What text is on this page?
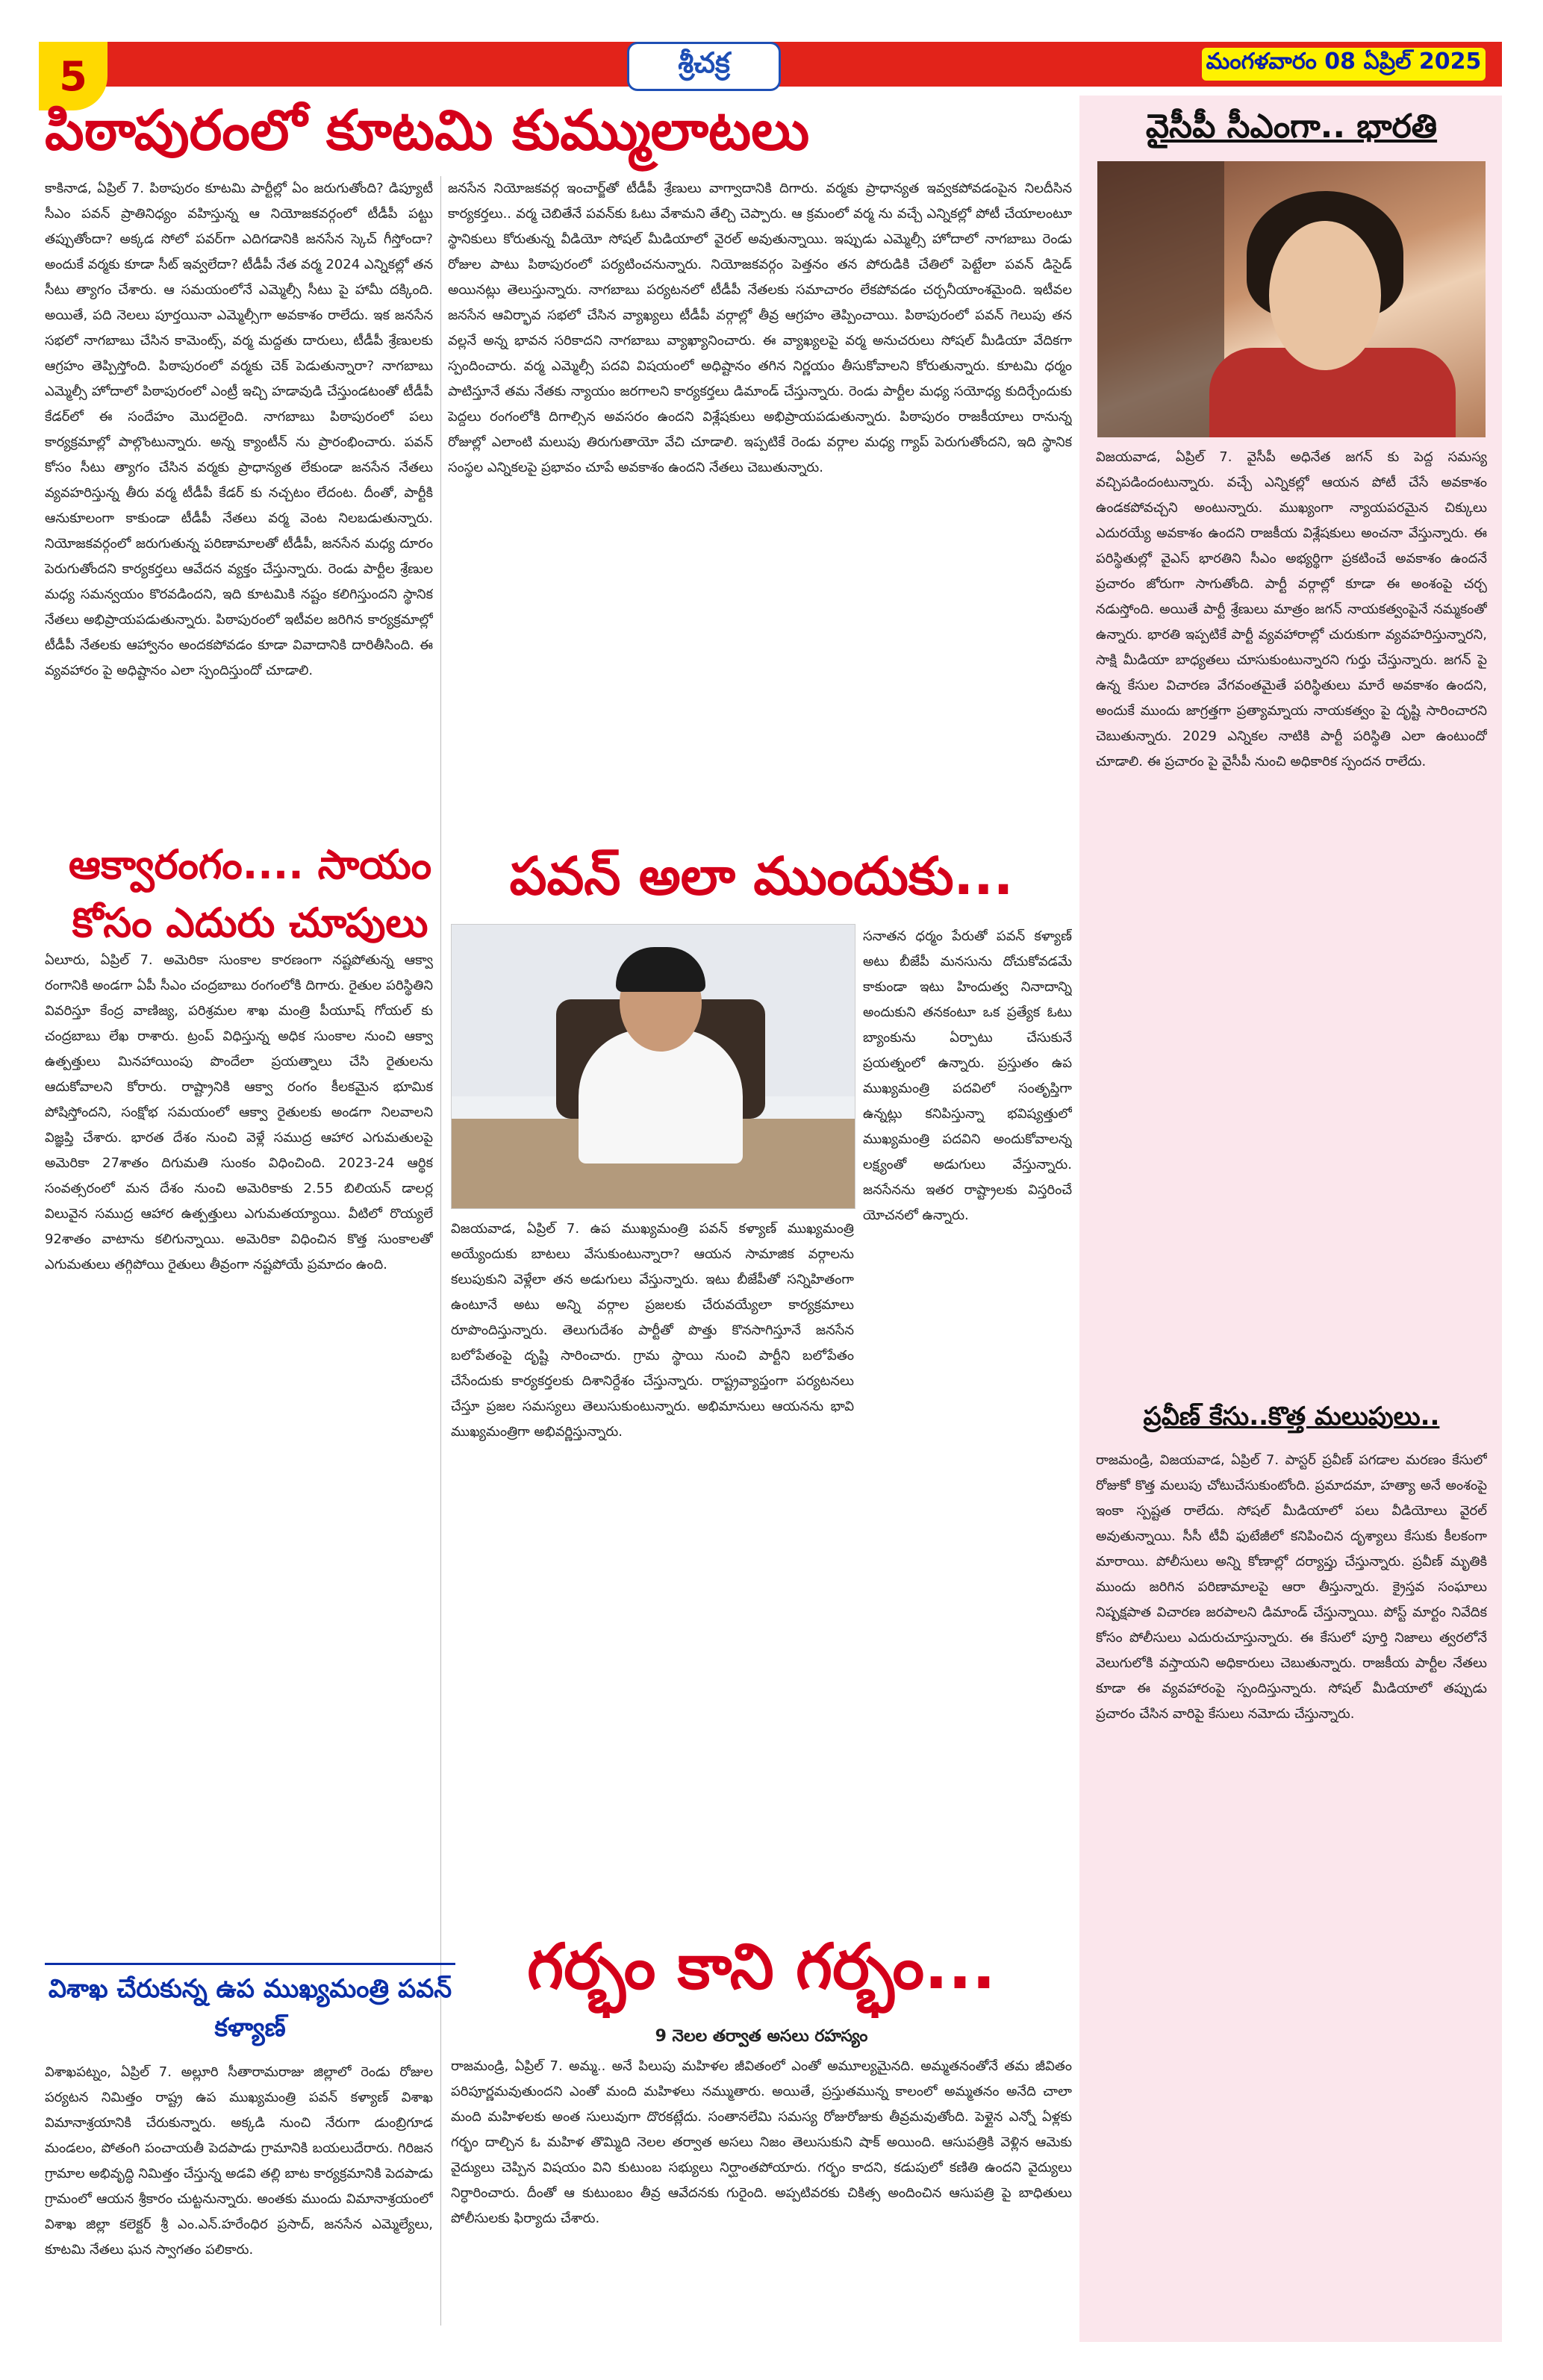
5	శ్రీచక్ర	మంగళవారం 08 ఏప్రిల్ 2025
వైసీపీ సీఎంగా.. భారతి

విజయవాడ, ఏప్రిల్ 7. వైసీపీ అధినేత జగన్ కు పెద్ద సమస్య వచ్చిపడిందంటున్నారు. వచ్చే ఎన్నికల్లో ఆయన పోటీ చేసే అవకాశం ఉండకపోవచ్చని అంటున్నారు. ముఖ్యంగా న్యాయపరమైన చిక్కులు ఎదురయ్యే అవకాశం ఉందని రాజకీయ విశ్లేషకులు అంచనా వేస్తున్నారు. ఈ పరిస్థితుల్లో వైఎస్ భారతిని సీఎం అభ్యర్థిగా ప్రకటించే అవకాశం ఉందనే ప్రచారం జోరుగా సాగుతోంది. పార్టీ వర్గాల్లో కూడా ఈ అంశంపై చర్చ నడుస్తోంది. అయితే పార్టీ శ్రేణులు మాత్రం జగన్ నాయకత్వంపైనే నమ్మకంతో ఉన్నారు. భారతి ఇప్పటికే పార్టీ వ్యవహారాల్లో చురుకుగా వ్యవహరిస్తున్నారని, సాక్షి మీడియా బాధ్యతలు చూసుకుంటున్నారని గుర్తు చేస్తున్నారు. జగన్ పై ఉన్న కేసుల విచారణ వేగవంతమైతే పరిస్థితులు మారే అవకాశం ఉందని, అందుకే ముందు జాగ్రత్తగా ప్రత్యామ్నాయ నాయకత్వం పై దృష్టి సారించారని చెబుతున్నారు. 2029 ఎన్నికల నాటికి పార్టీ పరిస్థితి ఎలా ఉంటుందో చూడాలి. ఈ ప్రచారం పై వైసీపీ నుంచి అధికారిక స్పందన రాలేదు.

ప్రవీణ్ కేసు..కొత్త మలుపులు..

రాజమండ్రి, విజయవాడ, ఏప్రిల్ 7. పాస్టర్ ప్రవీణ్ పగడాల మరణం కేసులో రోజుకో కొత్త మలుపు చోటుచేసుకుంటోంది. ప్రమాదమా, హత్యా అనే అంశంపై ఇంకా స్పష్టత రాలేదు. సోషల్ మీడియాలో పలు వీడియోలు వైరల్ అవుతున్నాయి. సీసీ టీవీ ఫుటేజీలో కనిపించిన దృశ్యాలు కేసుకు కీలకంగా మారాయి. పోలీసులు అన్ని కోణాల్లో దర్యాప్తు చేస్తున్నారు. ప్రవీణ్ మృతికి ముందు జరిగిన పరిణామాలపై ఆరా తీస్తున్నారు. క్రైస్తవ సంఘాలు నిష్పక్షపాత విచారణ జరపాలని డిమాండ్ చేస్తున్నాయి. పోస్ట్ మార్టం నివేదిక కోసం పోలీసులు ఎదురుచూస్తున్నారు. ఈ కేసులో పూర్తి నిజాలు త్వరలోనే వెలుగులోకి వస్తాయని అధికారులు చెబుతున్నారు. రాజకీయ పార్టీల నేతలు కూడా ఈ వ్యవహారంపై స్పందిస్తున్నారు. సోషల్ మీడియాలో తప్పుడు ప్రచారం చేసిన వారిపై కేసులు నమోదు చేస్తున్నారు.

పిఠాపురంలో కూటమి కుమ్ములాటలు

కాకినాడ, ఏప్రిల్ 7. పిఠాపురం కూటమి పార్టీల్లో ఏం జరుగుతోంది? డిప్యూటీ సీఎం పవన్ ప్రాతినిధ్యం వహిస్తున్న ఆ నియోజకవర్గంలో టీడీపీ పట్టు తప్పుతోందా? అక్కడ సోలో పవర్‌గా ఎదిగడానికి జనసేన స్కెచ్ గీస్తోందా? అందుకే వర్మకు కూడా సీట్ ఇవ్వలేదా? టీడీపీ నేత వర్మ 2024 ఎన్నికల్లో తన సీటు త్యాగం చేశారు. ఆ సమయంలోనే ఎమ్మెల్సీ సీటు పై హామీ దక్కింది. అయితే, పది నెలలు పూర్తయినా ఎమ్మెల్సీగా అవకాశం రాలేదు. ఇక జనసేన సభలో నాగబాబు చేసిన కామెంట్స్, వర్మ మద్దతు దారులు, టీడీపీ శ్రేణులకు ఆగ్రహం తెప్పిస్తోంది. పిఠాపురంలో వర్మకు చెక్ పెడుతున్నారా? నాగబాబు ఎమ్మెల్సీ హోదాలో పిఠాపురంలో ఎంట్రీ ఇచ్చి హడావుడి చేస్తుండటంతో టీడీపీ కేడర్‌లో ఈ సందేహం మొదలైంది. నాగబాబు పిఠాపురంలో పలు కార్యక్రమాల్లో పాల్గొంటున్నారు. అన్న క్యాంటీన్ ను ప్రారంభించారు. పవన్ కోసం సీటు త్యాగం చేసిన వర్మకు ప్రాధాన్యత లేకుండా జనసేన నేతలు వ్యవహరిస్తున్న తీరు వర్మ టీడీపీ కేడర్ కు నచ్చటం లేదంట. దీంతో, పార్టీకి ఆనుకూలంగా కాకుండా టీడీపీ నేతలు వర్మ వెంట నిలబడుతున్నారు. నియోజకవర్గంలో జరుగుతున్న పరిణామాలతో టీడీపీ, జనసేన మధ్య దూరం పెరుగుతోందని కార్యకర్తలు ఆవేదన వ్యక్తం చేస్తున్నారు. రెండు పార్టీల శ్రేణుల మధ్య సమన్వయం కొరవడిందని, ఇది కూటమికి నష్టం కలిగిస్తుందని స్థానిక నేతలు అభిప్రాయపడుతున్నారు. పిఠాపురంలో ఇటీవల జరిగిన కార్యక్రమాల్లో టీడీపీ నేతలకు ఆహ్వానం అందకపోవడం కూడా వివాదానికి దారితీసింది. ఈ వ్యవహారం పై అధిష్టానం ఎలా స్పందిస్తుందో చూడాలి.

జనసేన నియోజకవర్గ ఇంచార్జ్‌తో టీడీపీ శ్రేణులు వాగ్వాదానికి దిగారు. వర్మకు ప్రాధాన్యత ఇవ్వకపోవడంపైన నిలదీసిన కార్యకర్తలు.. వర్మ చెబితేనే పవన్‌కు ఓటు వేశామని తేల్చి చెప్పారు. ఆ క్రమంలో వర్మ ను వచ్చే ఎన్నికల్లో పోటీ చేయాలంటూ స్థానికులు కోరుతున్న వీడియో సోషల్ మీడియాలో వైరల్ అవుతున్నాయి. ఇప్పుడు ఎమ్మెల్సీ హోదాలో నాగబాబు రెండు రోజుల పాటు పిఠాపురంలో పర్యటించనున్నారు. నియోజకవర్గం పెత్తనం తన పోరుడికి చేతిలో పెట్టేలా పవన్ డిసైడ్ అయినట్లు తెలుస్తున్నారు. నాగబాబు పర్యటనలో టీడీపీ నేతలకు సమాచారం లేకపోవడం చర్చనీయాంశమైంది. ఇటీవల జనసేన ఆవిర్భావ సభలో చేసిన వ్యాఖ్యలు టీడీపీ వర్గాల్లో తీవ్ర ఆగ్రహం తెప్పించాయి. పిఠాపురంలో పవన్ గెలుపు తన వల్లనే అన్న భావన సరికాదని నాగబాబు వ్యాఖ్యానించారు. ఈ వ్యాఖ్యలపై వర్మ అనుచరులు సోషల్ మీడియా వేదికగా స్పందించారు. వర్మ ఎమ్మెల్సీ పదవి విషయంలో అధిష్టానం తగిన నిర్ణయం తీసుకోవాలని కోరుతున్నారు. కూటమి ధర్మం పాటిస్తూనే తమ నేతకు న్యాయం జరగాలని కార్యకర్తలు డిమాండ్ చేస్తున్నారు. రెండు పార్టీల మధ్య సయోధ్య కుదిర్చేందుకు పెద్దలు రంగంలోకి దిగాల్సిన అవసరం ఉందని విశ్లేషకులు అభిప్రాయపడుతున్నారు. పిఠాపురం రాజకీయాలు రానున్న రోజుల్లో ఎలాంటి మలుపు తిరుగుతాయో వేచి చూడాలి. ఇప్పటికే రెండు వర్గాల మధ్య గ్యాప్ పెరుగుతోందని, ఇది స్థానిక సంస్థల ఎన్నికలపై ప్రభావం చూపే అవకాశం ఉందని నేతలు చెబుతున్నారు.

ఆక్వారంగం.... సాయం కోసం ఎదురు చూపులు

ఏలూరు, ఏప్రిల్ 7. అమెరికా సుంకాల కారణంగా నష్టపోతున్న ఆక్వా రంగానికి అండగా ఏపీ సీఎం చంద్రబాబు రంగంలోకి దిగారు. రైతుల పరిస్థితిని వివరిస్తూ కేంద్ర వాణిజ్య, పరిశ్రమల శాఖ మంత్రి పీయూష్ గోయల్ కు చంద్రబాబు లేఖ రాశారు. ట్రంప్ విధిస్తున్న అధిక సుంకాల నుంచి ఆక్వా ఉత్పత్తులు మినహాయింపు పొందేలా ప్రయత్నాలు చేసి రైతులను ఆదుకోవాలని కోరారు. రాష్ట్రానికి ఆక్వా రంగం కీలకమైన భూమిక పోషిస్తోందని, సంక్షోభ సమయంలో ఆక్వా రైతులకు అండగా నిలవాలని విజ్ఞప్తి చేశారు. భారత దేశం నుంచి వెళ్లే సముద్ర ఆహార ఎగుమతులపై అమెరికా 27శాతం దిగుమతి సుంకం విధించింది. 2023-24 ఆర్థిక సంవత్సరంలో మన దేశం నుంచి అమెరికాకు 2.55 బిలియన్ డాలర్ల విలువైన సముద్ర ఆహార ఉత్పత్తులు ఎగుమతయ్యాయి. వీటిలో రొయ్యలే 92శాతం వాటాను కలిగున్నాయి. అమెరికా విధించిన కొత్త సుంకాలతో ఎగుమతులు తగ్గిపోయి రైతులు తీవ్రంగా నష్టపోయే ప్రమాదం ఉంది.

విశాఖ చేరుకున్న ఉప ముఖ్యమంత్రి పవన్ కళ్యాణ్

విశాఖపట్నం, ఏప్రిల్ 7. అల్లూరి సీతారామరాజు జిల్లాలో రెండు రోజుల పర్యటన నిమిత్తం రాష్ట్ర ఉప ముఖ్యమంత్రి పవన్ కళ్యాణ్ విశాఖ విమానాశ్రయానికి చేరుకున్నారు. అక్కడి నుంచి నేరుగా డుంబ్రిగూడ మండలం, పోతంగి పంచాయతీ పెదపాడు గ్రామానికి బయలుదేరారు. గిరిజన గ్రామాల అభివృద్ధి నిమిత్తం చేస్తున్న అడవి తల్లి బాట కార్యక్రమానికి పెదపాడు గ్రామంలో ఆయన శ్రీకారం చుట్టనున్నారు. అంతకు ముందు విమానాశ్రయంలో విశాఖ జిల్లా కలెక్టర్ శ్రీ ఎం.ఎన్.హరేంధిర ప్రసాద్, జనసేన ఎమ్మెల్యేలు, కూటమి నేతలు ఘన స్వాగతం పలికారు.

పవన్ అలా ముందుకు...

సనాతన ధర్మం పేరుతో పవన్ కళ్యాణ్ అటు బీజేపీ మనసును దోచుకోవడమే కాకుండా ఇటు హిందుత్వ నినాదాన్ని అందుకుని తనకంటూ ఒక ప్రత్యేక ఓటు బ్యాంకును ఏర్పాటు చేసుకునే ప్రయత్నంలో ఉన్నారు. ప్రస్తుతం ఉప ముఖ్యమంత్రి పదవిలో సంతృప్తిగా ఉన్నట్లు కనిపిస్తున్నా భవిష్యత్తులో ముఖ్యమంత్రి పదవిని అందుకోవాలన్న లక్ష్యంతో అడుగులు వేస్తున్నారు. జనసేనను ఇతర రాష్ట్రాలకు విస్తరించే యోచనలో ఉన్నారు.

విజయవాడ, ఏప్రిల్ 7. ఉప ముఖ్యమంత్రి పవన్ కళ్యాణ్ ముఖ్యమంత్రి అయ్యేందుకు బాటలు వేసుకుంటున్నారా? ఆయన సామాజిక వర్గాలను కలుపుకుని వెళ్లేలా తన అడుగులు వేస్తున్నారు. ఇటు బీజేపీతో సన్నిహితంగా ఉంటూనే అటు అన్ని వర్గాల ప్రజలకు చేరువయ్యేలా కార్యక్రమాలు రూపొందిస్తున్నారు. తెలుగుదేశం పార్టీతో పొత్తు కొనసాగిస్తూనే జనసేన బలోపేతంపై దృష్టి సారించారు. గ్రామ స్థాయి నుంచి పార్టీని బలోపేతం చేసేందుకు కార్యకర్తలకు దిశానిర్దేశం చేస్తున్నారు. రాష్ట్రవ్యాప్తంగా పర్యటనలు చేస్తూ ప్రజల సమస్యలు తెలుసుకుంటున్నారు. అభిమానులు ఆయనను భావి ముఖ్యమంత్రిగా అభివర్ణిస్తున్నారు.

గర్భం కాని గర్భం...
9 నెలల తర్వాత అసలు రహస్యం

రాజమండ్రి, ఏప్రిల్ 7. అమ్మ.. అనే పిలుపు మహిళల జీవితంలో ఎంతో అమూల్యమైనది. అమ్మతనంతోనే తమ జీవితం పరిపూర్ణమవుతుందని ఎంతో మంది మహిళలు నమ్ముతారు. అయితే, ప్రస్తుతమున్న కాలంలో అమ్మతనం అనేది చాలా మంది మహిళలకు అంత సులువుగా దొరకట్లేదు. సంతానలేమి సమస్య రోజురోజుకు తీవ్రమవుతోంది. పెళ్లైన ఎన్నో ఏళ్లకు గర్భం దాల్చిన ఓ మహిళ తొమ్మిది నెలల తర్వాత అసలు నిజం తెలుసుకుని షాక్ అయింది. ఆసుపత్రికి వెళ్లిన ఆమెకు వైద్యులు చెప్పిన విషయం విని కుటుంబ సభ్యులు నిర్ఘాంతపోయారు. గర్భం కాదని, కడుపులో కణితి ఉందని వైద్యులు నిర్ధారించారు. దీంతో ఆ కుటుంబం తీవ్ర ఆవేదనకు గురైంది. అప్పటివరకు చికిత్స అందించిన ఆసుపత్రి పై బాధితులు పోలీసులకు ఫిర్యాదు చేశారు.
